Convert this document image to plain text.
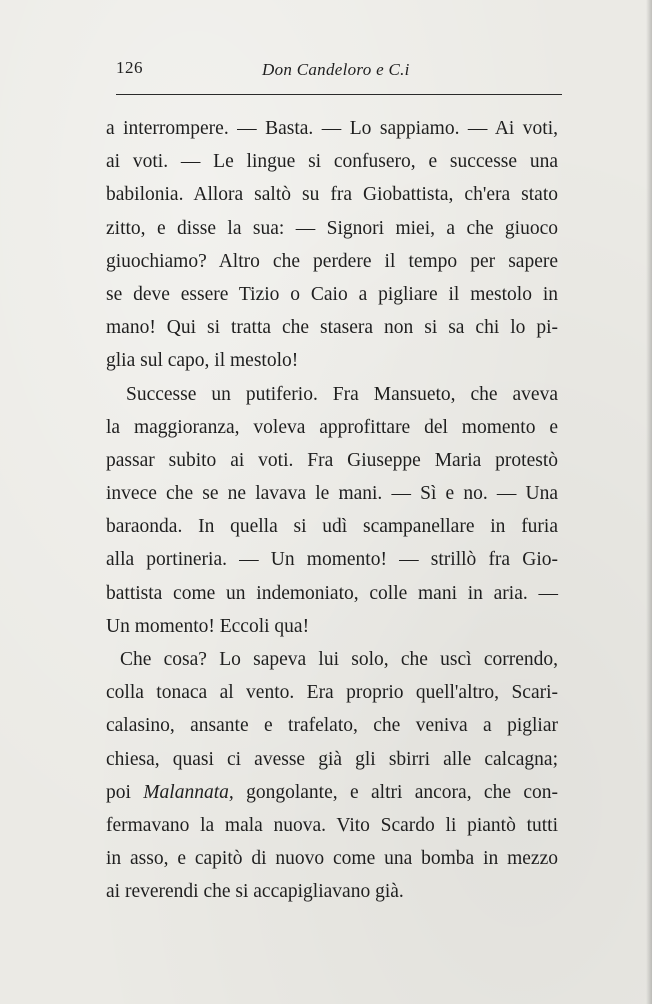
126	Don Candeloro e C.i
a interrompere. — Basta. — Lo sappiamo. — Ai voti,
ai voti. — Le lingue si confusero, e successe una
babilonia. Allora saltò su fra Giobattista, ch'era stato
zitto, e disse la sua: — Signori miei, a che giuoco
giuochiamo? Altro che perdere il tempo per sapere
se deve essere Tizio o Caio a pigliare il mestolo in
mano! Qui si tratta che stasera non si sa chi lo pi-
glia sul capo, il mestolo!
Successe un putiferio. Fra Mansueto, che aveva
la maggioranza, voleva approfittare del momento e
passar subito ai voti. Fra Giuseppe Maria protestò
invece che se ne lavava le mani. — Sì e no. — Una
baraonda. In quella si udì scampanellare in furia
alla portineria. — Un momento! — strillò fra Gio-
battista come un indemoniato, colle mani in aria. —
Un momento! Eccoli qua!
Che cosa? Lo sapeva lui solo, che uscì correndo,
colla tonaca al vento. Era proprio quell'altro, Scari-
calasino, ansante e trafelato, che veniva a pigliar
chiesa, quasi ci avesse già gli sbirri alle calcagna;
poi Malannata, gongolante, e altri ancora, che con-
fermavano la mala nuova. Vito Scardo li piantò tutti
in asso, e capitò di nuovo come una bomba in mezzo
ai reverendi che si accapigliavano già.
